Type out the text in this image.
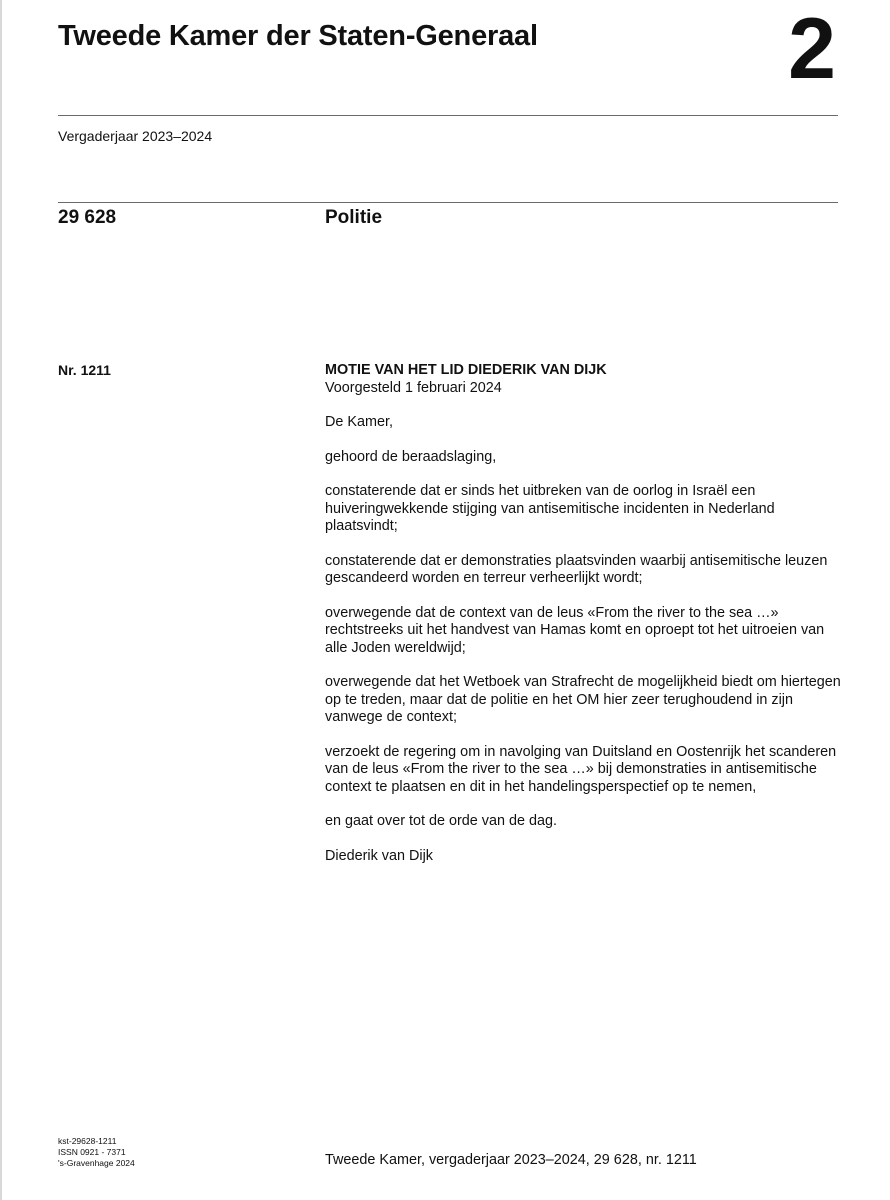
Tweede Kamer der Staten-Generaal	2
Vergaderjaar 2023–2024
29 628	Politie
Nr. 1211	MOTIE VAN HET LID DIEDERIK VAN DIJK

Voorgesteld 1 februari 2024

De Kamer,

gehoord de beraadslaging,

constaterende dat er sinds het uitbreken van de oorlog in Israël een huiveringwekkende stijging van antisemitische incidenten in Nederland plaatsvindt;

constaterende dat er demonstraties plaatsvinden waarbij antisemitische leuzen gescandeerd worden en terreur verheerlijkt wordt;

overwegende dat de context van de leus «From the river to the sea …» rechtstreeks uit het handvest van Hamas komt en oproept tot het uitroeien van alle Joden wereldwijd;

overwegende dat het Wetboek van Strafrecht de mogelijkheid biedt om hiertegen op te treden, maar dat de politie en het OM hier zeer terughoudend in zijn vanwege de context;

verzoekt de regering om in navolging van Duitsland en Oostenrijk het scanderen van de leus «From the river to the sea …» bij demonstraties in antisemitische context te plaatsen en dit in het handelingsperspectief op te nemen,

en gaat over tot de orde van de dag.

Diederik van Dijk

kst-29628-1211
ISSN 0921 - 7371
's-Gravenhage 2024	Tweede Kamer, vergaderjaar 2023–2024, 29 628, nr. 1211
